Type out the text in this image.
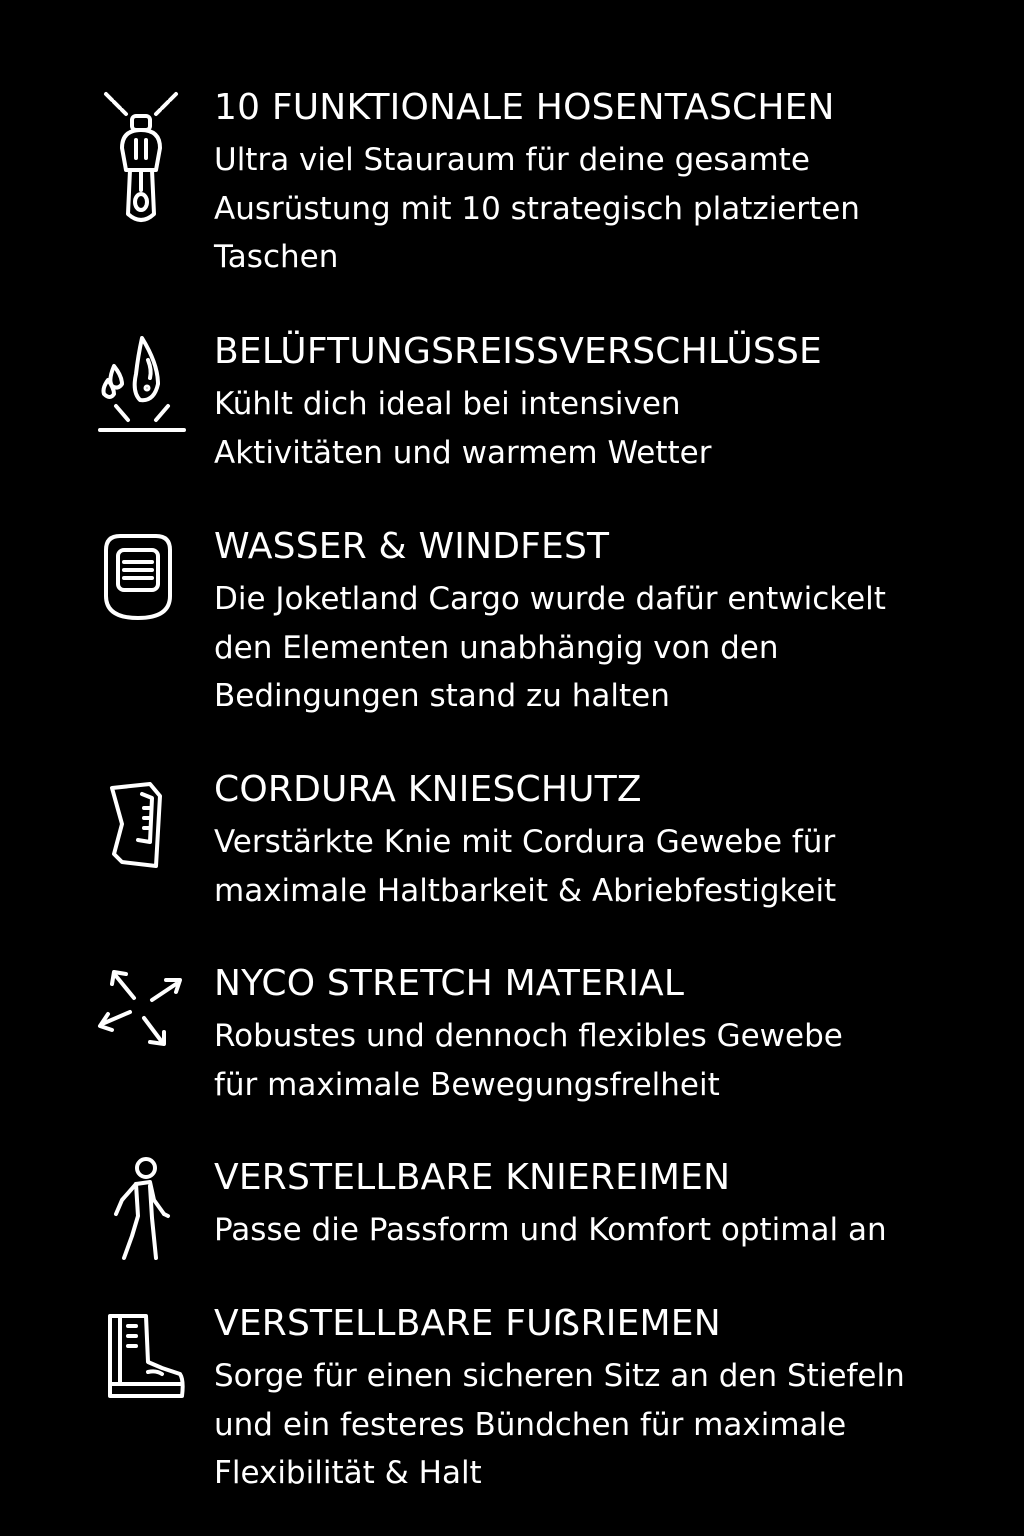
10 FUNKTIONALE HOSENTASCHEN
Ultra viel Stauraum für deine gesamte
Ausrüstung mit 10 strategisch platzierten
Taschen
BELÜFTUNGSREISSVERSCHLÜSSE
Kühlt dich ideal bei intensiven
Aktivitäten und warmem Wetter
WASSER & WINDFEST
Die Joketland Cargo wurde dafür entwickelt
den Elementen unabhängig von den
Bedingungen stand zu halten
CORDURA KNIESCHUTZ
Verstärkte Knie mit Cordura Gewebe für
maximale Haltbarkeit & Abriebfestigkeit
NYCO STRETCH MATERIAL
Robustes und dennoch flexibles Gewebe
für maximale Bewegungsfrelheit
VERSTELLBARE KNIEREIMEN
Passe die Passform und Komfort optimal an
VERSTELLBARE FUẞRIEMEN
Sorge für einen sicheren Sitz an den Stiefeln
und ein festeres Bündchen für maximale
Flexibilität & Halt
